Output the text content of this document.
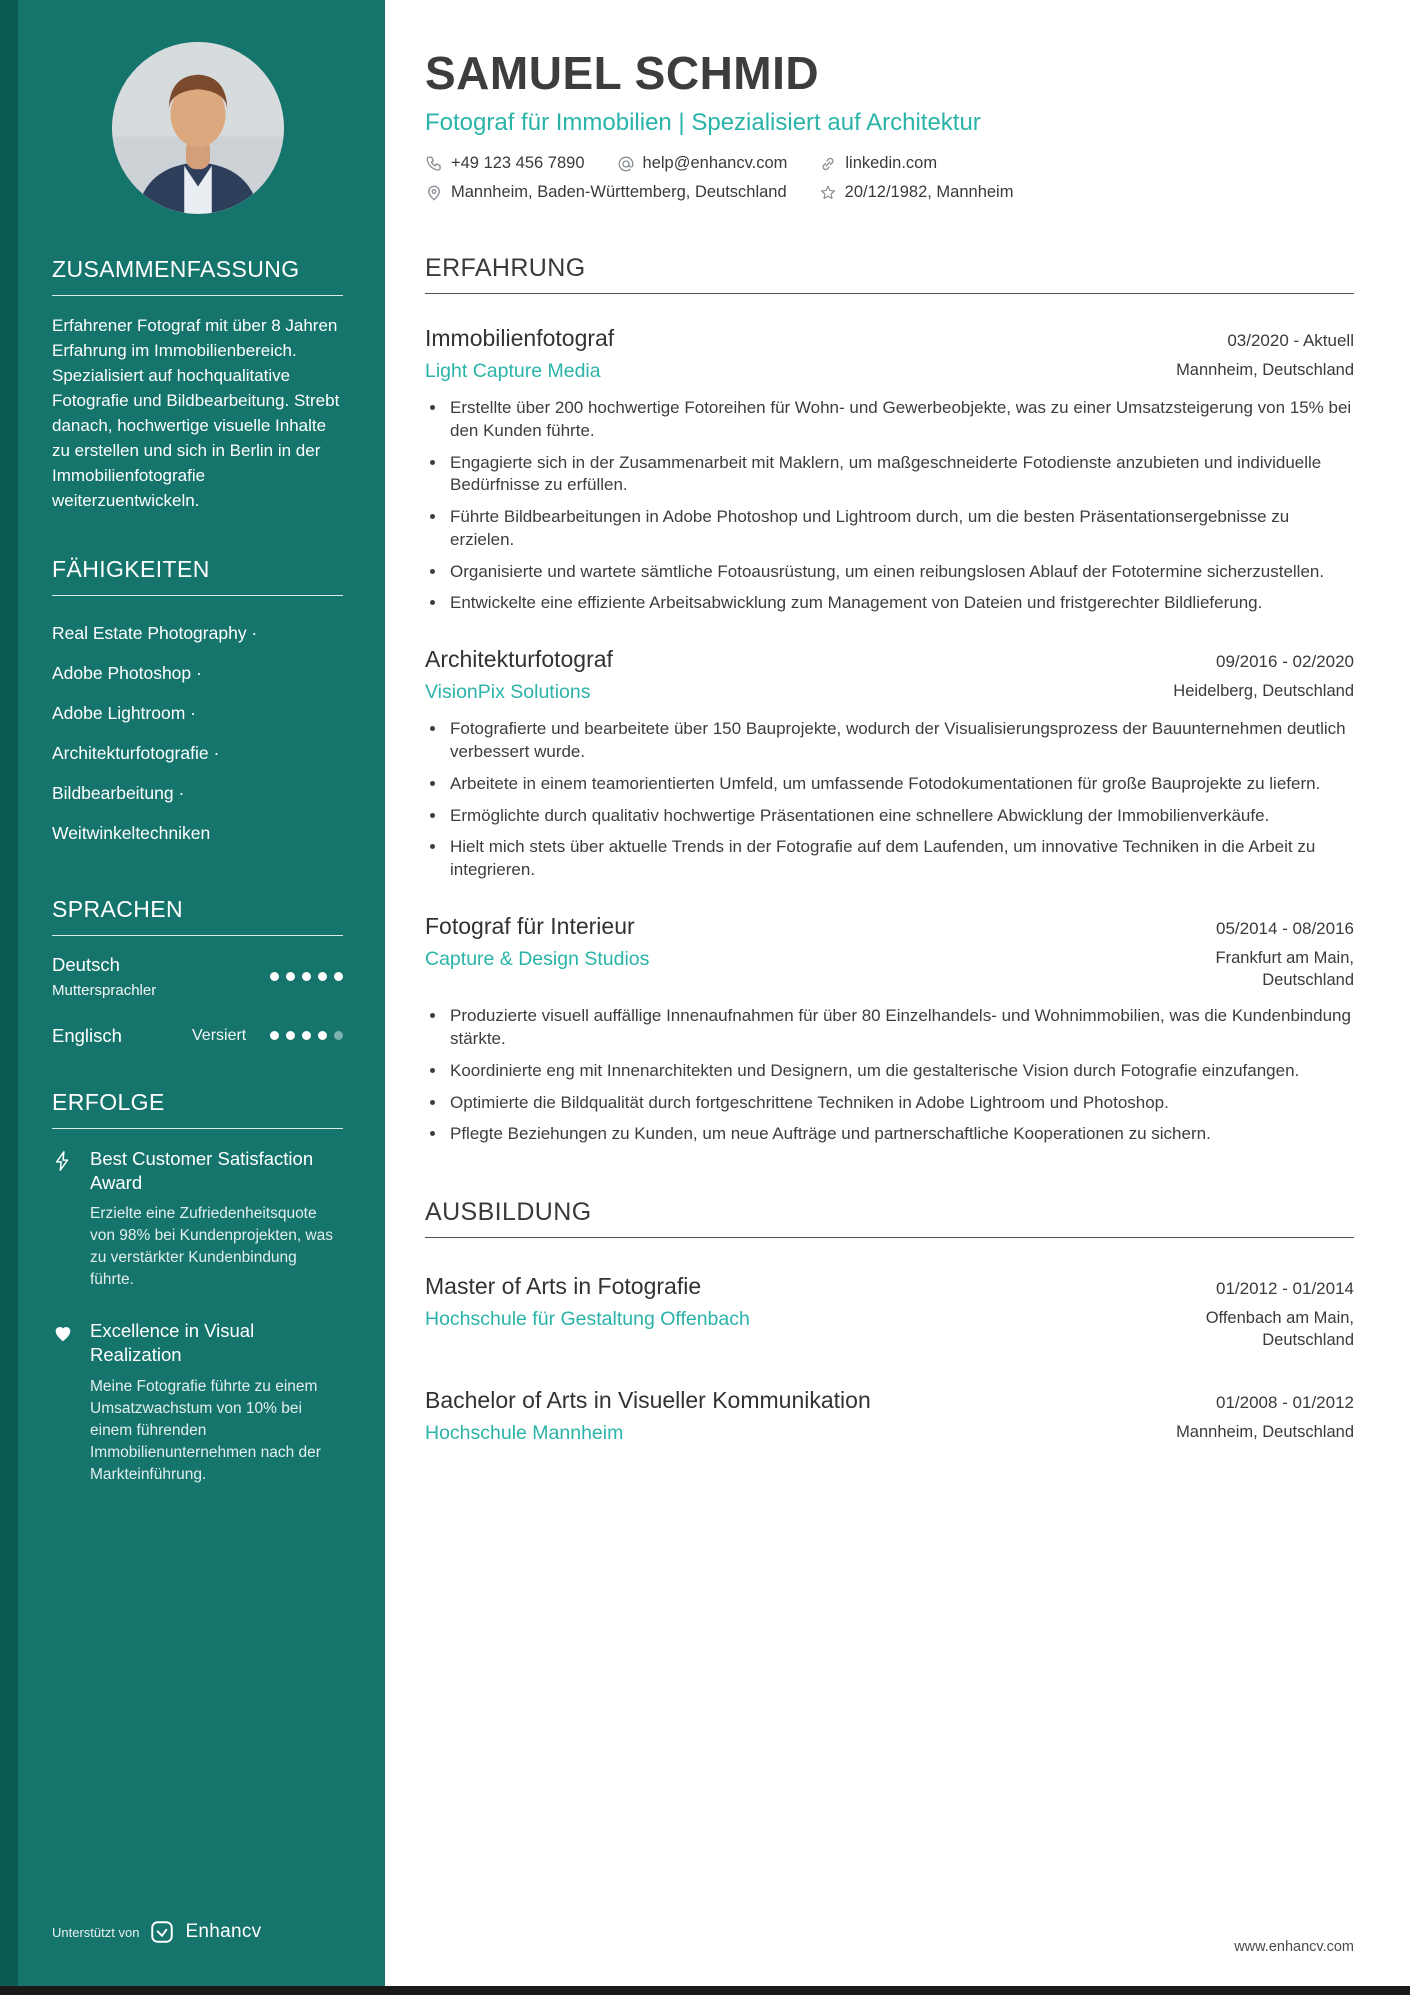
ZUSAMMENFASSUNG

Erfahrener Fotograf mit über 8 Jahren Erfahrung im Immobilienbereich. Spezialisiert auf hochqualitative Fotografie und Bildbearbeitung. Strebt danach, hochwertige visuelle Inhalte zu erstellen und sich in Berlin in der Immobilienfotografie weiterzuentwickeln.

FÄHIGKEITEN
Real Estate Photography ·
Adobe Photoshop ·
Adobe Lightroom ·
Architekturfotografie ·
Bildbearbeitung ·
Weitwinkeltechniken
SPRACHEN
Deutsch
Muttersprachler
Englisch	Versiert
ERFOLGE
Best Customer Satisfaction Award

Erzielte eine Zufriedenheitsquote von 98% bei Kundenprojekten, was zu verstärkter Kundenbindung führte.

Excellence in Visual Realization

Meine Fotografie führte zu einem Umsatzwachstum von 10% bei einem führenden Immobilienunternehmen nach der Markteinführung.

Unterstützt von Enhancv
SAMUEL SCHMID
Fotograf für Immobilien | Spezialisiert auf Architektur
+49 123 456 7890	help@enhancv.com	linkedin.com
Mannheim, Baden-Württemberg, Deutschland	20/12/1982, Mannheim
ERFAHRUNG
Immobilienfotograf	03/2020 - Aktuell
Light Capture Media	Mannheim, Deutschland
• Erstellte über 200 hochwertige Fotoreihen für Wohn- und Gewerbeobjekte, was zu einer Umsatzsteigerung von 15% bei den Kunden führte.
• Engagierte sich in der Zusammenarbeit mit Maklern, um maßgeschneiderte Fotodienste anzubieten und individuelle Bedürfnisse zu erfüllen.
• Führte Bildbearbeitungen in Adobe Photoshop und Lightroom durch, um die besten Präsentationsergebnisse zu erzielen.
• Organisierte und wartete sämtliche Fotoausrüstung, um einen reibungslosen Ablauf der Fototermine sicherzustellen.
• Entwickelte eine effiziente Arbeitsabwicklung zum Management von Dateien und fristgerechter Bildlieferung.
Architekturfotograf	09/2016 - 02/2020
VisionPix Solutions	Heidelberg, Deutschland
• Fotografierte und bearbeitete über 150 Bauprojekte, wodurch der Visualisierungsprozess der Bauunternehmen deutlich verbessert wurde.
• Arbeitete in einem teamorientierten Umfeld, um umfassende Fotodokumentationen für große Bauprojekte zu liefern.
• Ermöglichte durch qualitativ hochwertige Präsentationen eine schnellere Abwicklung der Immobilienverkäufe.
• Hielt mich stets über aktuelle Trends in der Fotografie auf dem Laufenden, um innovative Techniken in die Arbeit zu integrieren.
Fotograf für Interieur	05/2014 - 08/2016
Capture & Design Studios	Frankfurt am Main, Deutschland
• Produzierte visuell auffällige Innenaufnahmen für über 80 Einzelhandels- und Wohnimmobilien, was die Kundenbindung stärkte.
• Koordinierte eng mit Innenarchitekten und Designern, um die gestalterische Vision durch Fotografie einzufangen.
• Optimierte die Bildqualität durch fortgeschrittene Techniken in Adobe Lightroom und Photoshop.
• Pflegte Beziehungen zu Kunden, um neue Aufträge und partnerschaftliche Kooperationen zu sichern.
AUSBILDUNG
Master of Arts in Fotografie	01/2012 - 01/2014
Hochschule für Gestaltung Offenbach	Offenbach am Main, Deutschland
Bachelor of Arts in Visueller Kommunikation	01/2008 - 01/2012
Hochschule Mannheim	Mannheim, Deutschland
www.enhancv.com
